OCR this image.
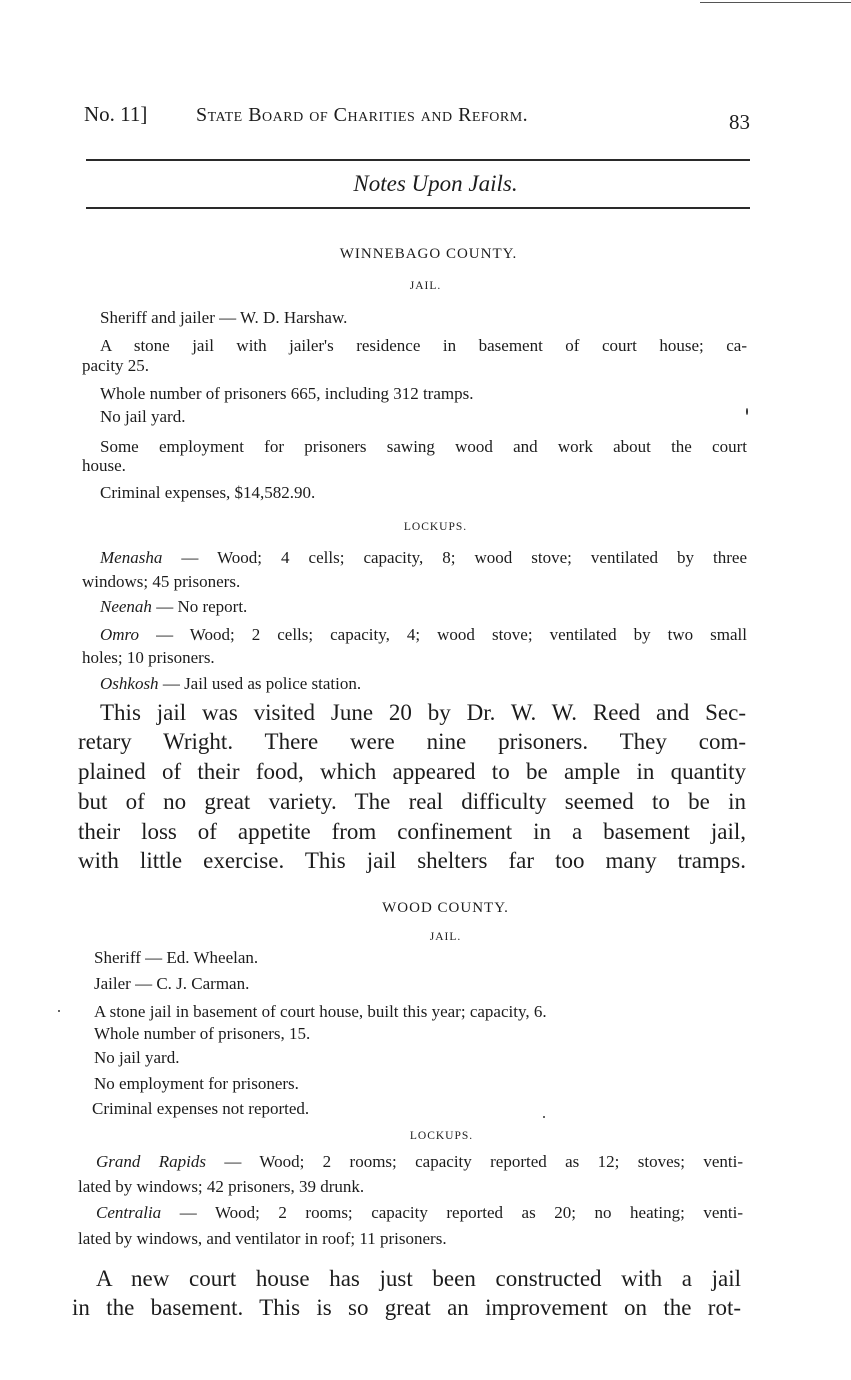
No. 11] State Board of Charities and Reform.	83
Notes Upon Jails.
WINNEBAGO COUNTY.
JAIL.
Sheriff and jailer — W. D. Harshaw.
A stone jail with jailer's residence in basement of court house; ca-
pacity 25.
Whole number of prisoners 665, including 312 tramps.
No jail yard.
Some employment for prisoners sawing wood and work about the court
house.
Criminal expenses, $14,582.90.
LOCKUPS.
Menasha — Wood; 4 cells; capacity, 8; wood stove; ventilated by three
windows; 45 prisoners.
Neenah — No report.
Omro — Wood; 2 cells; capacity, 4; wood stove; ventilated by two small
holes; 10 prisoners.
Oshkosh — Jail used as police station.
This jail was visited June 20 by Dr. W. W. Reed and Sec-
retary Wright. There were nine prisoners. They com-
plained of their food, which appeared to be ample in quantity
but of no great variety. The real difficulty seemed to be in
their loss of appetite from confinement in a basement jail,
with little exercise. This jail shelters far too many tramps.
WOOD COUNTY.
JAIL.
Sheriff — Ed. Wheelan.
Jailer — C. J. Carman.
A stone jail in basement of court house, built this year; capacity, 6.
Whole number of prisoners, 15.
No jail yard.
No employment for prisoners.
Criminal expenses not reported.
LOCKUPS.
Grand Rapids — Wood; 2 rooms; capacity reported as 12; stoves; venti-
lated by windows; 42 prisoners, 39 drunk.
Centralia — Wood; 2 rooms; capacity reported as 20; no heating; venti-
lated by windows, and ventilator in roof; 11 prisoners.
A new court house has just been constructed with a jail
in the basement. This is so great an improvement on the rot-
